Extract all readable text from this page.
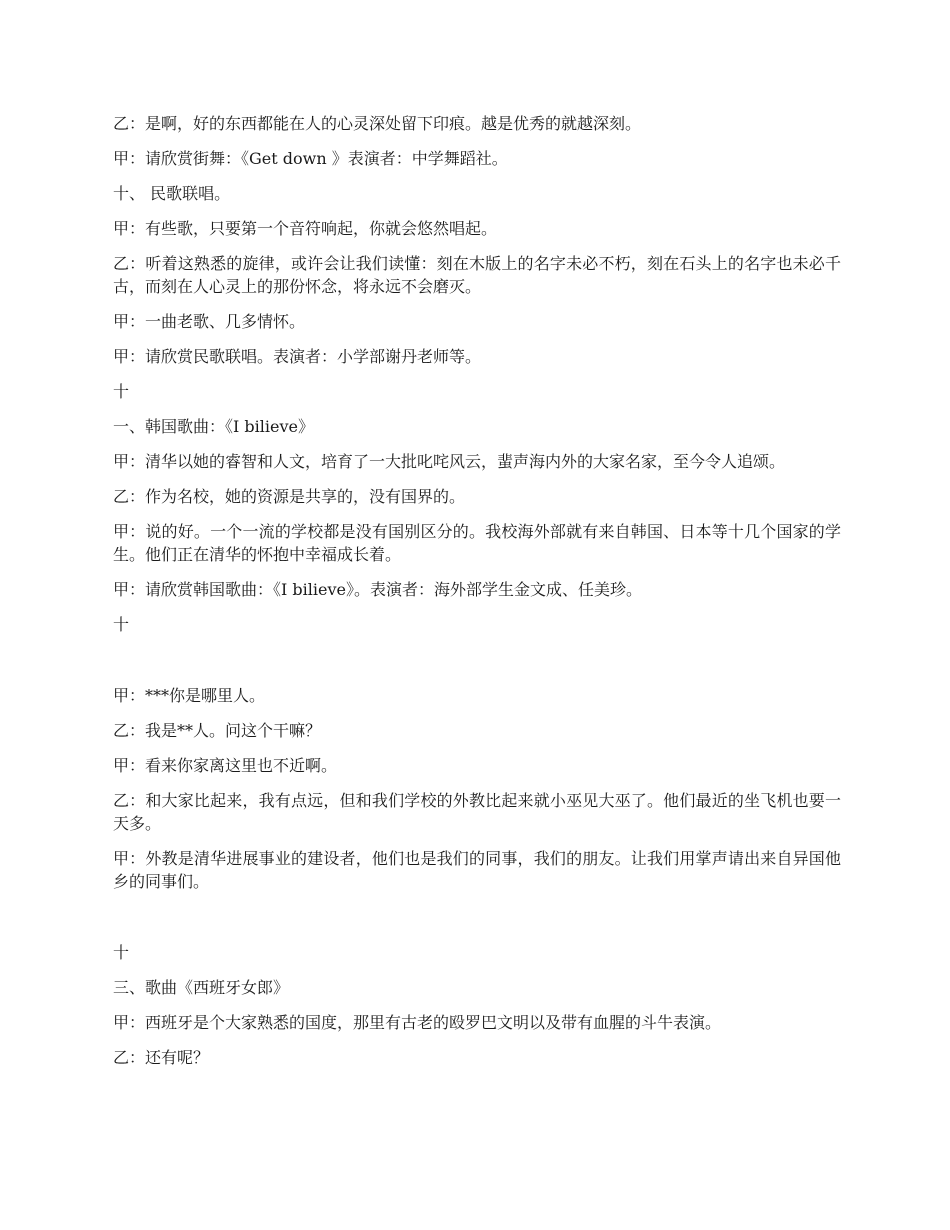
乙：是啊，好的东西都能在人的心灵深处留下印痕。越是优秀的就越深刻。

甲：请欣赏街舞：《Get down 》表演者：中学舞蹈社。

十、 民歌联唱。

甲：有些歌，只要第一个音符响起，你就会悠然唱起。

乙：听着这熟悉的旋律，或许会让我们读懂：刻在木版上的名字未必不朽，刻在石头上的名字也未必千古，而刻在人心灵上的那份怀念，将永远不会磨灭。

甲：一曲老歌、几多情怀。

甲：请欣赏民歌联唱。表演者：小学部谢丹老师等。

十

一、韩国歌曲：《I bilieve》

甲：清华以她的睿智和人文，培育了一大批叱咤风云，蜚声海内外的大家名家，至今令人追颂。

乙：作为名校，她的资源是共享的，没有国界的。

甲：说的好。一个一流的学校都是没有国别区分的。我校海外部就有来自韩国、日本等十几个国家的学生。他们正在清华的怀抱中幸福成长着。

甲：请欣赏韩国歌曲：《I bilieve》。表演者：海外部学生金文成、任美珍。

十

甲：***你是哪里人。

乙：我是**人。问这个干嘛？

甲：看来你家离这里也不近啊。

乙：和大家比起来，我有点远，但和我们学校的外教比起来就小巫见大巫了。他们最近的坐飞机也要一天多。

甲：外教是清华进展事业的建设者，他们也是我们的同事，我们的朋友。让我们用掌声请出来自异国他乡的同事们。

十

三、歌曲《西班牙女郎》

甲：西班牙是个大家熟悉的国度，那里有古老的殴罗巴文明以及带有血腥的斗牛表演。

乙：还有呢？
